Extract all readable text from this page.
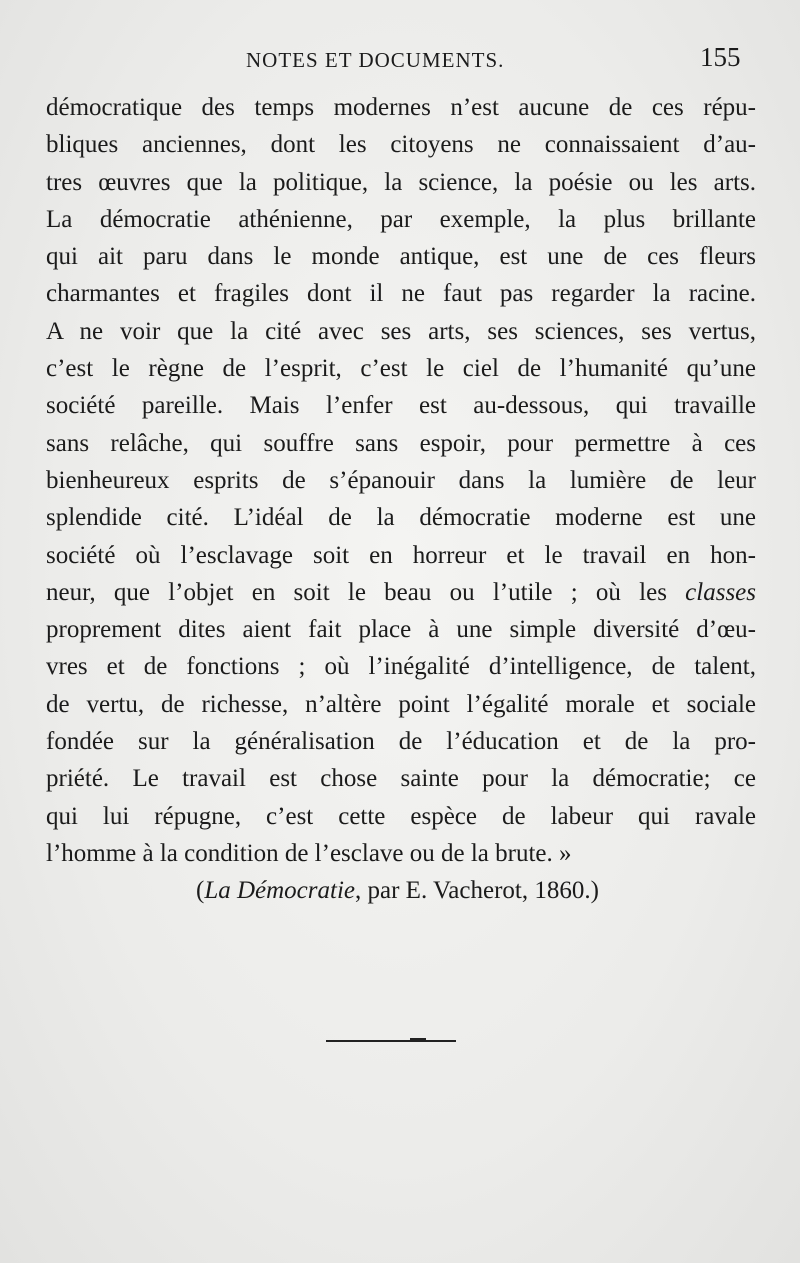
NOTES ET DOCUMENTS.	155
démocratique des temps modernes n’est aucune de ces répu-
bliques anciennes, dont les citoyens ne connaissaient d’au-
tres œuvres que la politique, la science, la poésie ou les arts.
La démocratie athénienne, par exemple, la plus brillante
qui ait paru dans le monde antique, est une de ces fleurs
charmantes et fragiles dont il ne faut pas regarder la racine.
A ne voir que la cité avec ses arts, ses sciences, ses vertus,
c’est le règne de l’esprit, c’est le ciel de l’humanité qu’une
société pareille. Mais l’enfer est au-dessous, qui travaille
sans relâche, qui souffre sans espoir, pour permettre à ces
bienheureux esprits de s’épanouir dans la lumière de leur
splendide cité. L’idéal de la démocratie moderne est une
société où l’esclavage soit en horreur et le travail en hon-
neur, que l’objet en soit le beau ou l’utile ; où les classes
proprement dites aient fait place à une simple diversité d’œu-
vres et de fonctions ; où l’inégalité d’intelligence, de talent,
de vertu, de richesse, n’altère point l’égalité morale et sociale
fondée sur la généralisation de l’éducation et de la pro-
priété. Le travail est chose sainte pour la démocratie; ce
qui lui répugne, c’est cette espèce de labeur qui ravale
l’homme à la condition de l’esclave ou de la brute. »
(La Démocratie, par E. Vacherot, 1860.)
